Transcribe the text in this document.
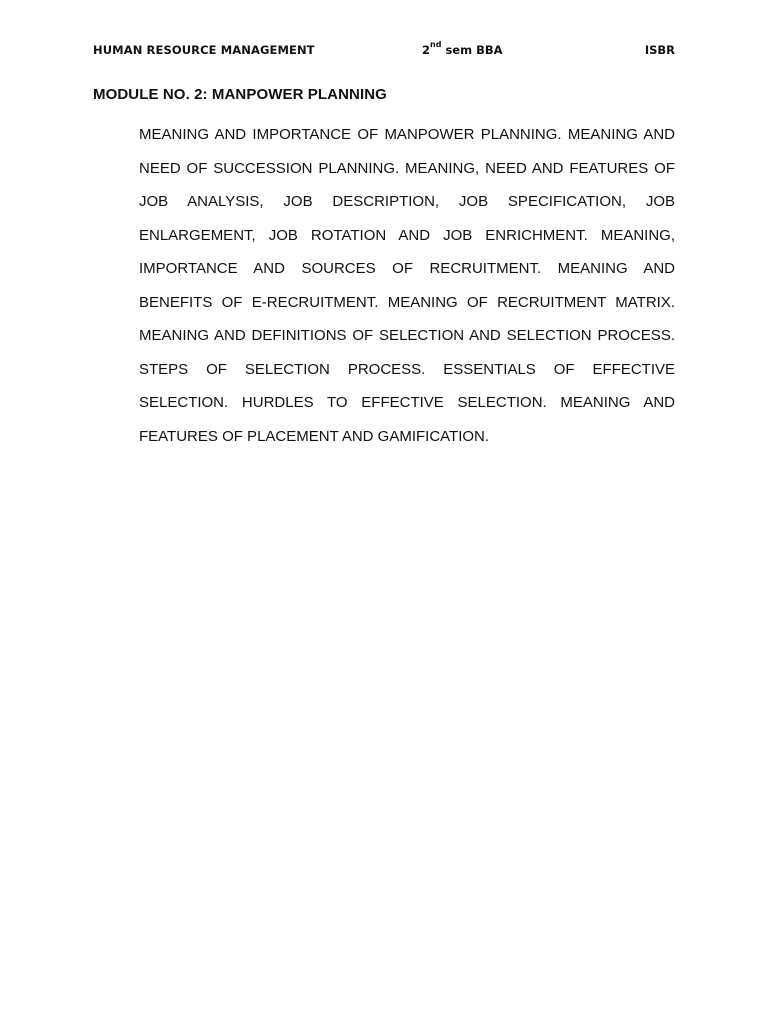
HUMAN RESOURCE MANAGEMENT	2nd sem BBA	ISBR
MODULE NO. 2: MANPOWER PLANNING

MEANING AND IMPORTANCE OF MANPOWER PLANNING. MEANING AND NEED OF SUCCESSION PLANNING. MEANING, NEED AND FEATURES OF JOB ANALYSIS, JOB DESCRIPTION, JOB SPECIFICATION, JOB ENLARGEMENT, JOB ROTATION AND JOB ENRICHMENT. MEANING, IMPORTANCE AND SOURCES OF RECRUITMENT. MEANING AND BENEFITS OF E-RECRUITMENT. MEANING OF RECRUITMENT MATRIX. MEANING AND DEFINITIONS OF SELECTION AND SELECTION PROCESS. STEPS OF SELECTION PROCESS. ESSENTIALS OF EFFECTIVE SELECTION. HURDLES TO EFFECTIVE SELECTION. MEANING AND FEATURES OF PLACEMENT AND GAMIFICATION.
